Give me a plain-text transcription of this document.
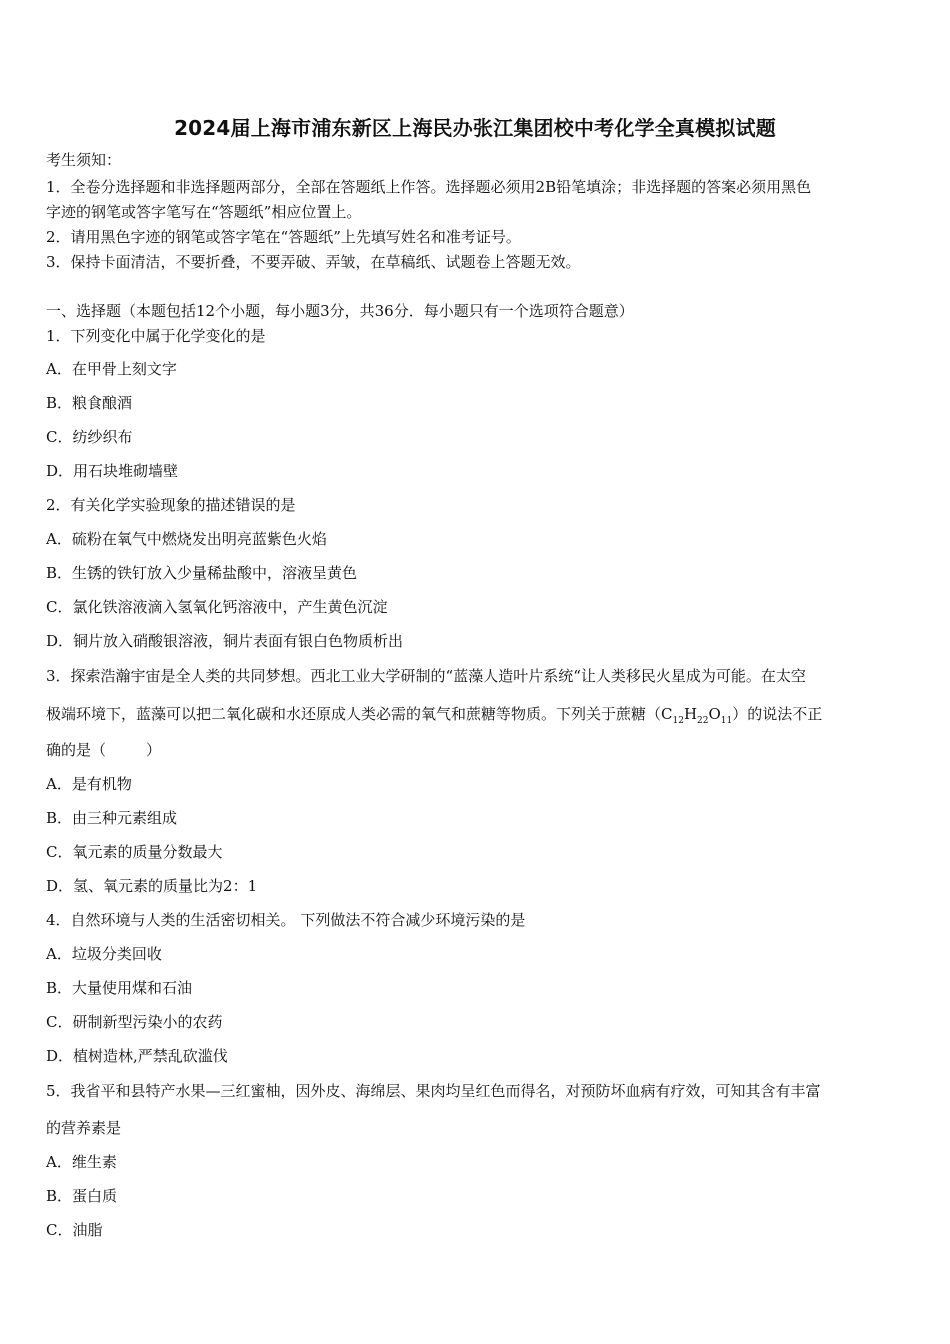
2024届上海市浦东新区上海民办张江集团校中考化学全真模拟试题
考生须知：
1．全卷分选择题和非选择题两部分，全部在答题纸上作答。选择题必须用2B铅笔填涂；非选择题的答案必须用黑色
字迹的钢笔或答字笔写在“答题纸”相应位置上。
2．请用黑色字迹的钢笔或答字笔在“答题纸”上先填写姓名和准考证号。
3．保持卡面清洁，不要折叠，不要弄破、弄皱，在草稿纸、试题卷上答题无效。
一、选择题（本题包括12个小题，每小题3分，共36分．每小题只有一个选项符合题意）
1．下列变化中属于化学变化的是
A．在甲骨上刻文字
B．粮食酿酒
C．纺纱织布
D．用石块堆砌墙壁
2．有关化学实验现象的描述错误的是
A．硫粉在氧气中燃烧发出明亮蓝紫色火焰
B．生锈的铁钉放入少量稀盐酸中，溶液呈黄色
C．氯化铁溶液滴入氢氧化钙溶液中，产生黄色沉淀
D．铜片放入硝酸银溶液，铜片表面有银白色物质析出
3．探索浩瀚宇宙是全人类的共同梦想。西北工业大学研制的“蓝藻人造叶片系统“让人类移民火星成为可能。在太空
极端环境下，蓝藻可以把二氧化碳和水还原成人类必需的氧气和蔗糖等物质。下列关于蔗糖$(C_{12}H_{22}O_{11})$的说法不正
确的是（	）
A．是有机物
B．由三种元素组成
C．氧元素的质量分数最大
D．氢、氧元素的质量比为2：1
4．自然环境与人类的生活密切相关。 下列做法不符合减少环境污染的是
A．垃圾分类回收
B．大量使用煤和石油
C．研制新型污染小的农药
D．植树造林,严禁乱砍滥伐
5．我省平和县特产水果—三红蜜柚，因外皮、海绵层、果肉均呈红色而得名，对预防坏血病有疗效，可知其含有丰富
的营养素是
A．维生素
B．蛋白质
C．油脂
